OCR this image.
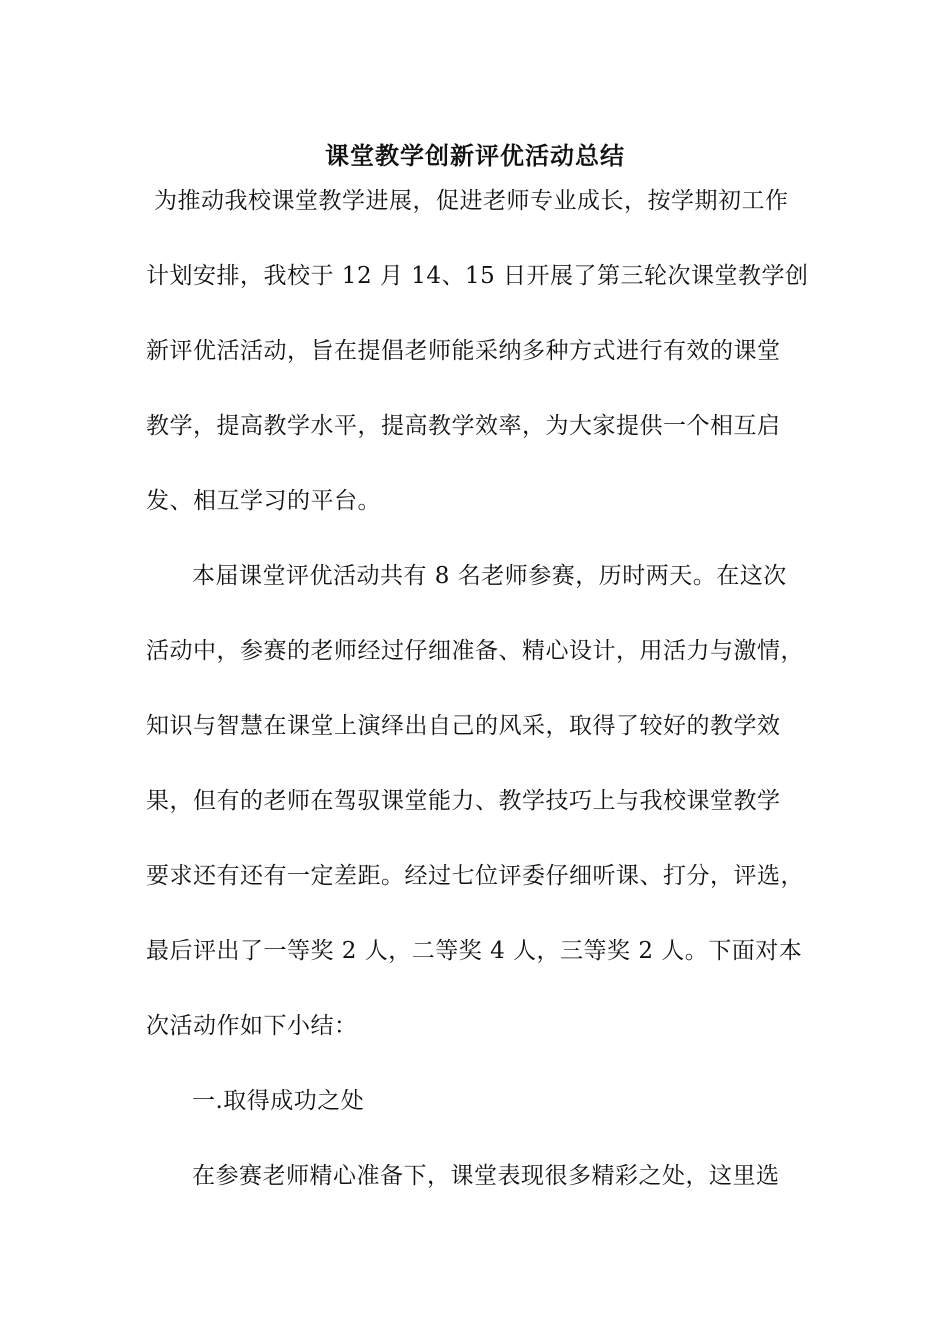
课堂教学创新评优活动总结
为推动我校课堂教学进展，促进老师专业成长，按学期初工作
计划安排，我校于 12 月 14、15 日开展了第三轮次课堂教学创
新评优活活动，旨在提倡老师能采纳多种方式进行有效的课堂
教学，提高教学水平，提高教学效率，为大家提供一个相互启
发、相互学习的平台。
本届课堂评优活动共有 8 名老师参赛，历时两天。在这次
活动中，参赛的老师经过仔细准备、精心设计，用活力与激情，
知识与智慧在课堂上演绎出自己的风采，取得了较好的教学效
果，但有的老师在驾驭课堂能力、教学技巧上与我校课堂教学
要求还有还有一定差距。经过七位评委仔细听课、打分，评选，
最后评出了一等奖 2 人，二等奖 4 人，三等奖 2 人。下面对本
次活动作如下小结：
一.取得成功之处
在参赛老师精心准备下，课堂表现很多精彩之处，这里选
